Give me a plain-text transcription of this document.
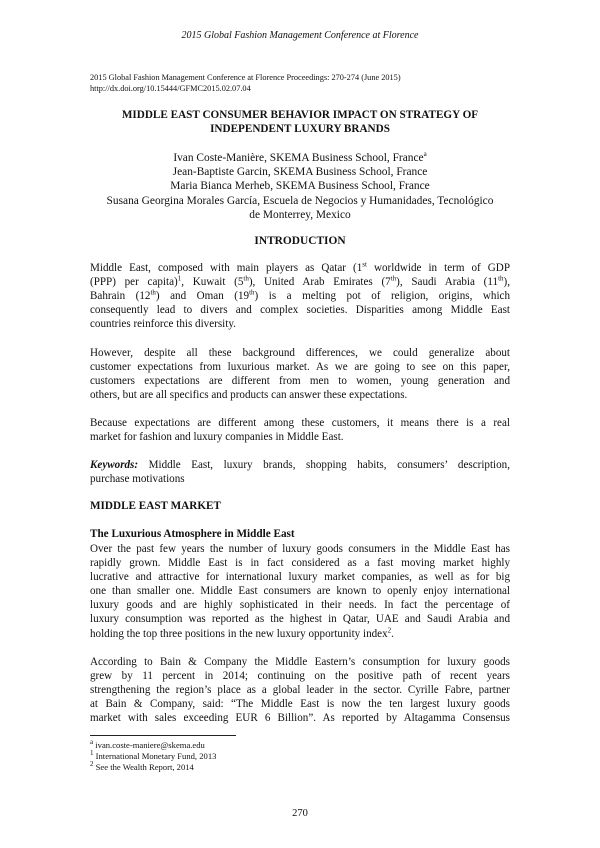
2015 Global Fashion Management Conference at Florence
2015 Global Fashion Management Conference at Florence Proceedings: 270-274 (June 2015)
http://dx.doi.org/10.15444/GFMC2015.02.07.04
MIDDLE EAST CONSUMER BEHAVIOR IMPACT ON STRATEGY OF
INDEPENDENT LUXURY BRANDS
Ivan Coste-Manière, SKEMA Business School, France$^a$
Jean-Baptiste Garcin, SKEMA Business School, France
Maria Bianca Merheb, SKEMA Business School, France
Susana Georgina Morales García, Escuela de Negocios y Humanidades, Tecnológico
de Monterrey, Mexico
INTRODUCTION
Middle East, composed with main players as Qatar (1st worldwide in term of GDP
(PPP) per capita)$^1$, Kuwait (5th), United Arab Emirates (7th), Saudi Arabia (11th),
Bahrain (12th) and Oman (19th) is a melting pot of religion, origins, which
consequently lead to divers and complex societies. Disparities among Middle East
countries reinforce this diversity.
However, despite all these background differences, we could generalize about
customer expectations from luxurious market. As we are going to see on this paper,
customers expectations are different from men to women, young generation and
others, but are all specifics and products can answer these expectations.
Because expectations are different among these customers, it means there is a real
market for fashion and luxury companies in Middle East.
Keywords: Middle East, luxury brands, shopping habits, consumers’ description,
purchase motivations
MIDDLE EAST MARKET
The Luxurious Atmosphere in Middle East
Over the past few years the number of luxury goods consumers in the Middle East has
rapidly grown. Middle East is in fact considered as a fast moving market highly
lucrative and attractive for international luxury market companies, as well as for big
one than smaller one. Middle East consumers are known to openly enjoy international
luxury goods and are highly sophisticated in their needs. In fact the percentage of
luxury consumption was reported as the highest in Qatar, UAE and Saudi Arabia and
holding the top three positions in the new luxury opportunity index$^2$.
According to Bain & Company the Middle Eastern’s consumption for luxury goods
grew by 11 percent in 2014; continuing on the positive path of recent years
strengthening the region’s place as a global leader in the sector. Cyrille Fabre, partner
at Bain & Company, said: “The Middle East is now the ten largest luxury goods
market with sales exceeding EUR 6 Billion”. As reported by Altagamma Consensus
$^a$ ivan.coste-maniere@skema.edu
$^1$ International Monetary Fund, 2013
$^2$ See the Wealth Report, 2014
270
